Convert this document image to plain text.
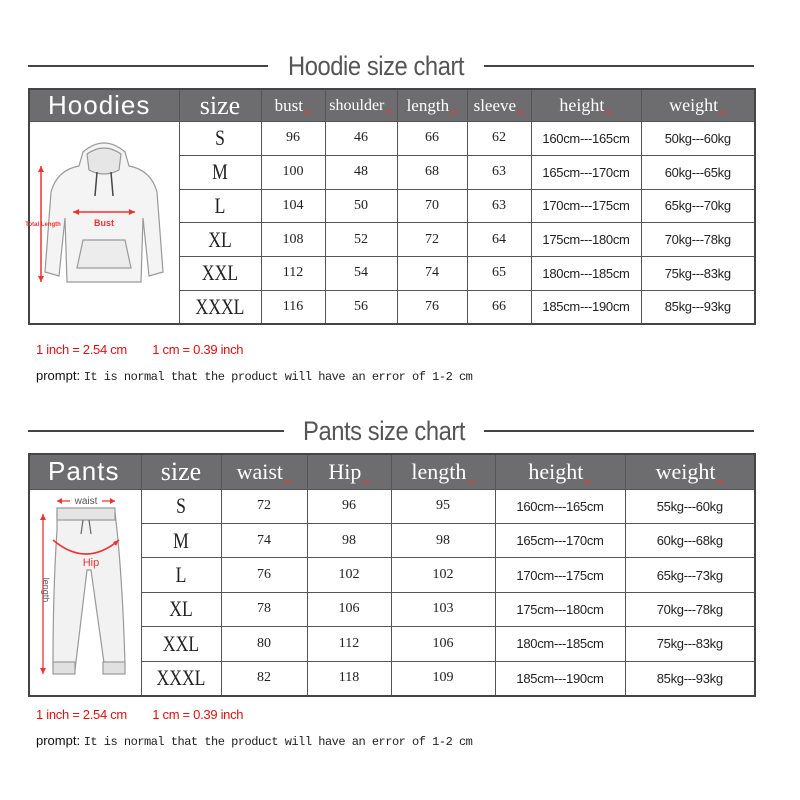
Hoodie size chart
Hoodies	size	bustcm	shouldercm	lengthcm	sleevecm	heightcm	weightcm

Bust
Total Length	S	96	46	66	62	160cm---165cm	50kg---60kg
	M	100	48	68	63	165cm---170cm	60kg---65kg
	L	104	50	70	63	170cm---175cm	65kg---70kg
	XL	108	52	72	64	175cm---180cm	70kg---78kg
	XXL	112	54	74	65	180cm---185cm	75kg---83kg
	XXXL	116	56	76	66	185cm---190cm	85kg---93kg
1 inch = 2.54 cm 1 cm = 0.39 inch
prompt: It is normal that the product will have an error of 1-2 cm
Pants size chart
Pants	size	waistcm	Hipcm	lengthcm	heightcm	weightcm

waist
Hip
length	S	72	96	95	160cm---165cm	55kg---60kg
	M	74	98	98	165cm---170cm	60kg---68kg
	L	76	102	102	170cm---175cm	65kg---73kg
	XL	78	106	103	175cm---180cm	70kg---78kg
	XXL	80	112	106	180cm---185cm	75kg---83kg
	XXXL	82	118	109	185cm---190cm	85kg---93kg
1 inch = 2.54 cm 1 cm = 0.39 inch
prompt: It is normal that the product will have an error of 1-2 cm
